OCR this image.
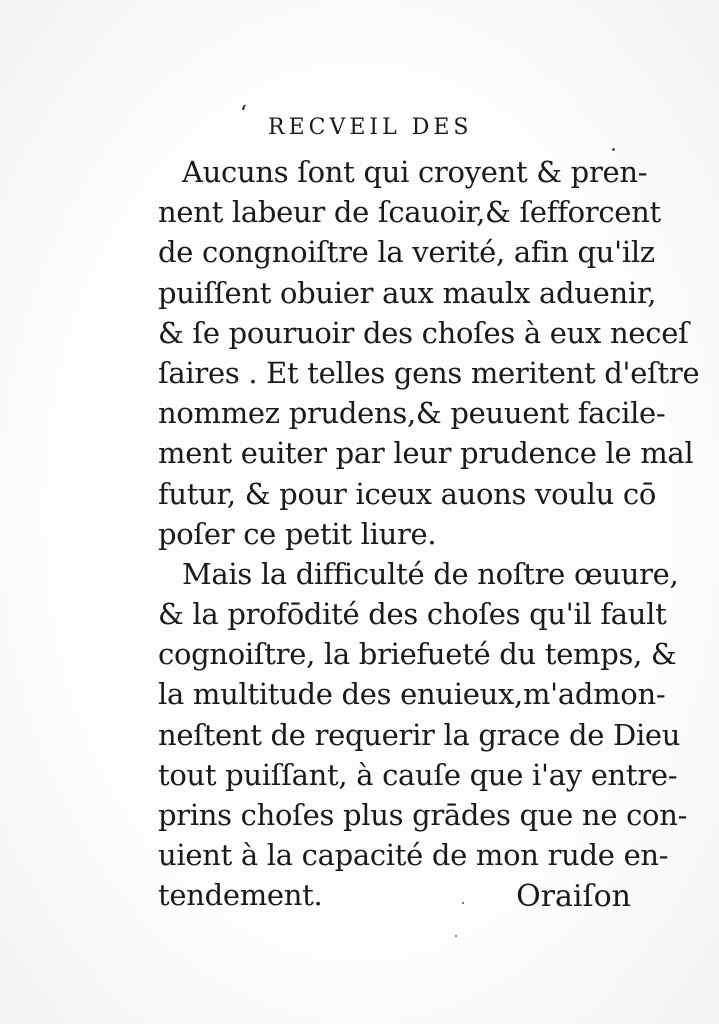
ʻ
RECVEIL DES
Aucuns ſont qui croyent & pren-
nent labeur de ſcauoir,& ſefforcent
de congnoiſtre la verité, afin qu'ilz
puiſſent obuier aux maulx aduenir,
& ſe pouruoir des choſes à eux neceſ
ſaires . Et telles gens meritent d'eſtre
nommez prudens,& peuuent facile-
ment euiter par leur prudence le mal
futur, & pour iceux auons voulu cō
poſer ce petit liure.
Mais la difficulté de noſtre œuure,
& la profōdité des choſes qu'il fault
cognoiſtre, la briefueté du temps, &
la multitude des enuieux,m'admon-
neſtent de requerir la grace de Dieu
tout puiſſant, à cauſe que i'ay entre-
prins choſes plus grādes que ne con-
uient à la capacité de mon rude en-
tendement.	Oraiſon
